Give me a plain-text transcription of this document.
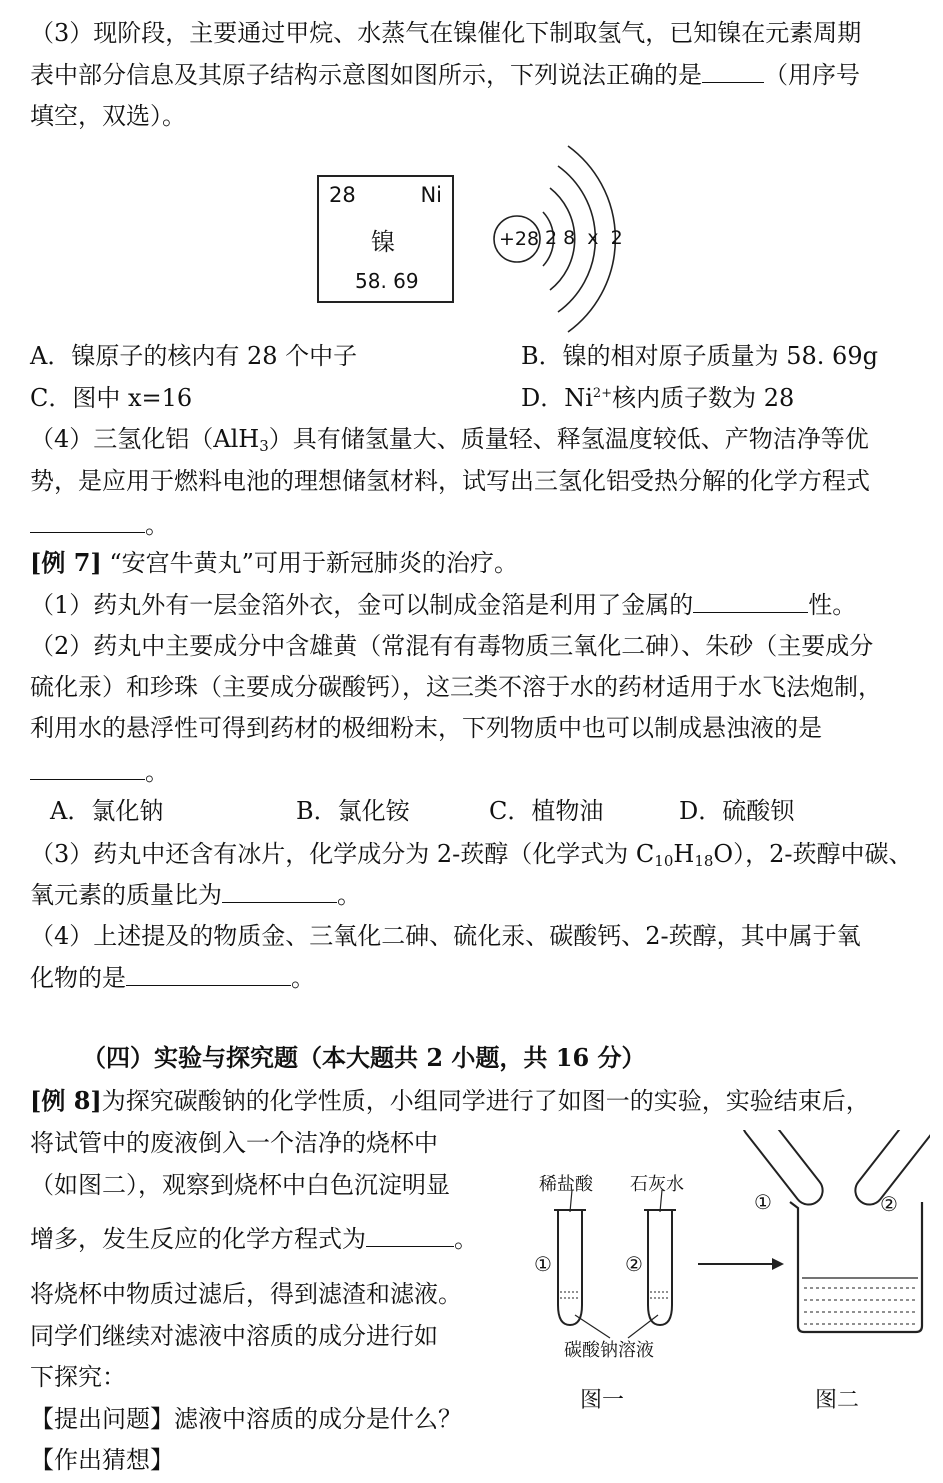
（3）现阶段，主要通过甲烷、水蒸气在镍催化下制取氢气，已知镍在元素周期
表中部分信息及其原子结构示意图如图所示，下列说法正确的是	（用序号
填空，双选）。
28	Ni
镍
58. 69
+28 2 8  x  2
A．镍原子的核内有 28 个中子	B．镍的相对原子质量为 58. 69g
C．图中 x=16	D．$Ni^{2+}$核内质子数为 28
（4）三氢化铝（AlH$_3$）具有储氢量大、质量轻、释氢温度较低、产物洁净等优
势，是应用于燃料电池的理想储氢材料，试写出三氢化铝受热分解的化学方程式
。
[例 7] “安宫牛黄丸”可用于新冠肺炎的治疗。
（1）药丸外有一层金箔外衣，金可以制成金箔是利用了金属的	性。
（2）药丸中主要成分中含雄黄（常混有有毒物质三氧化二砷）、朱砂（主要成分
硫化汞）和珍珠（主要成分碳酸钙），这三类不溶于水的药材适用于水飞法炮制，
利用水的悬浮性可得到药材的极细粉末，下列物质中也可以制成悬浊液的是
。
A．氯化钠	B．氯化铵	C．植物油	D．硫酸钡
（3）药丸中还含有冰片，化学成分为 2-莰醇（化学式为 $C_{10}H_{18}O$），2-莰醇中碳、
氧元素的质量比为	。
（4）上述提及的物质金、三氧化二砷、硫化汞、碳酸钙、2-莰醇，其中属于氧
化物的是	。
（四）实验与探究题（本大题共 2 小题，共 16 分）
[例 8]为探究碳酸钠的化学性质，小组同学进行了如图一的实验，实验结束后，
将试管中的废液倒入一个洁净的烧杯中
（如图二），观察到烧杯中白色沉淀明显
增多，发生反应的化学方程式为	。
将烧杯中物质过滤后，得到滤渣和滤液。
同学们继续对滤液中溶质的成分进行如
下探究：
【提出问题】滤液中溶质的成分是什么？
【作出猜想】
稀盐酸 石灰水
①	②
①	②
碳酸钠溶液
图一	图二
